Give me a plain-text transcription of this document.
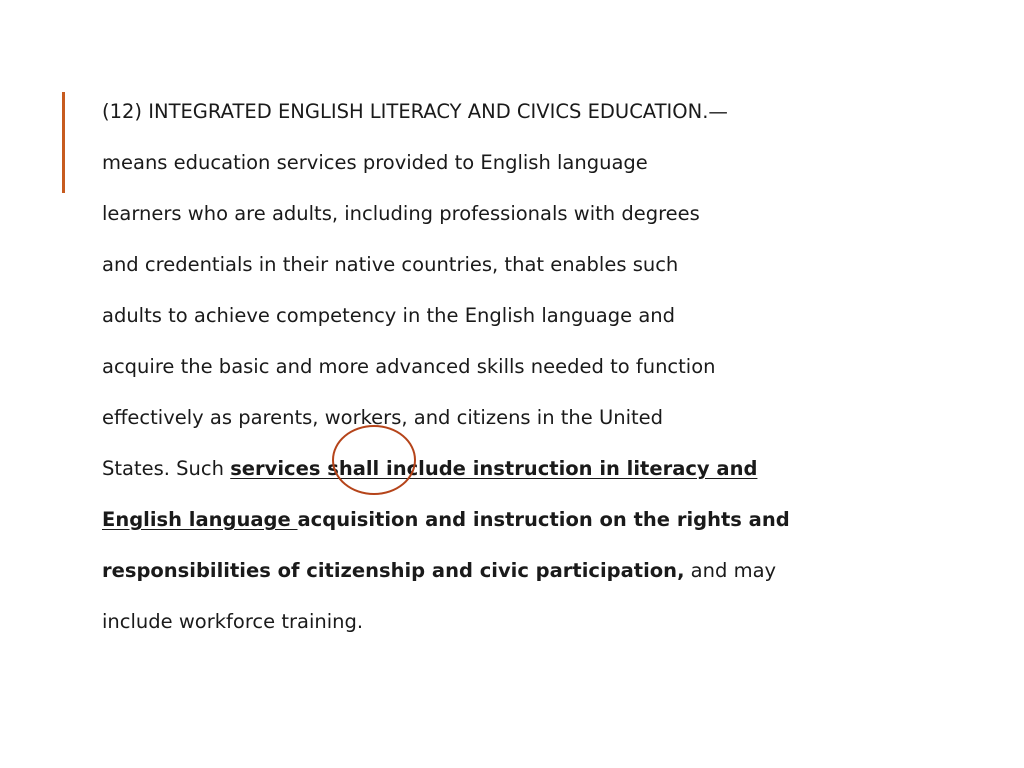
(12) INTEGRATED ENGLISH LITERACY AND CIVICS EDUCATION.—
means education services provided to English language
learners who are adults, including professionals with degrees
and credentials in their native countries, that enables such
adults to achieve competency in the English language and
acquire the basic and more advanced skills needed to function
effectively as parents, workers, and citizens in the United
States. Such services shall include instruction in literacy and
English language acquisition and instruction on the rights and
responsibilities of citizenship and civic participation, and may
include workforce training.
